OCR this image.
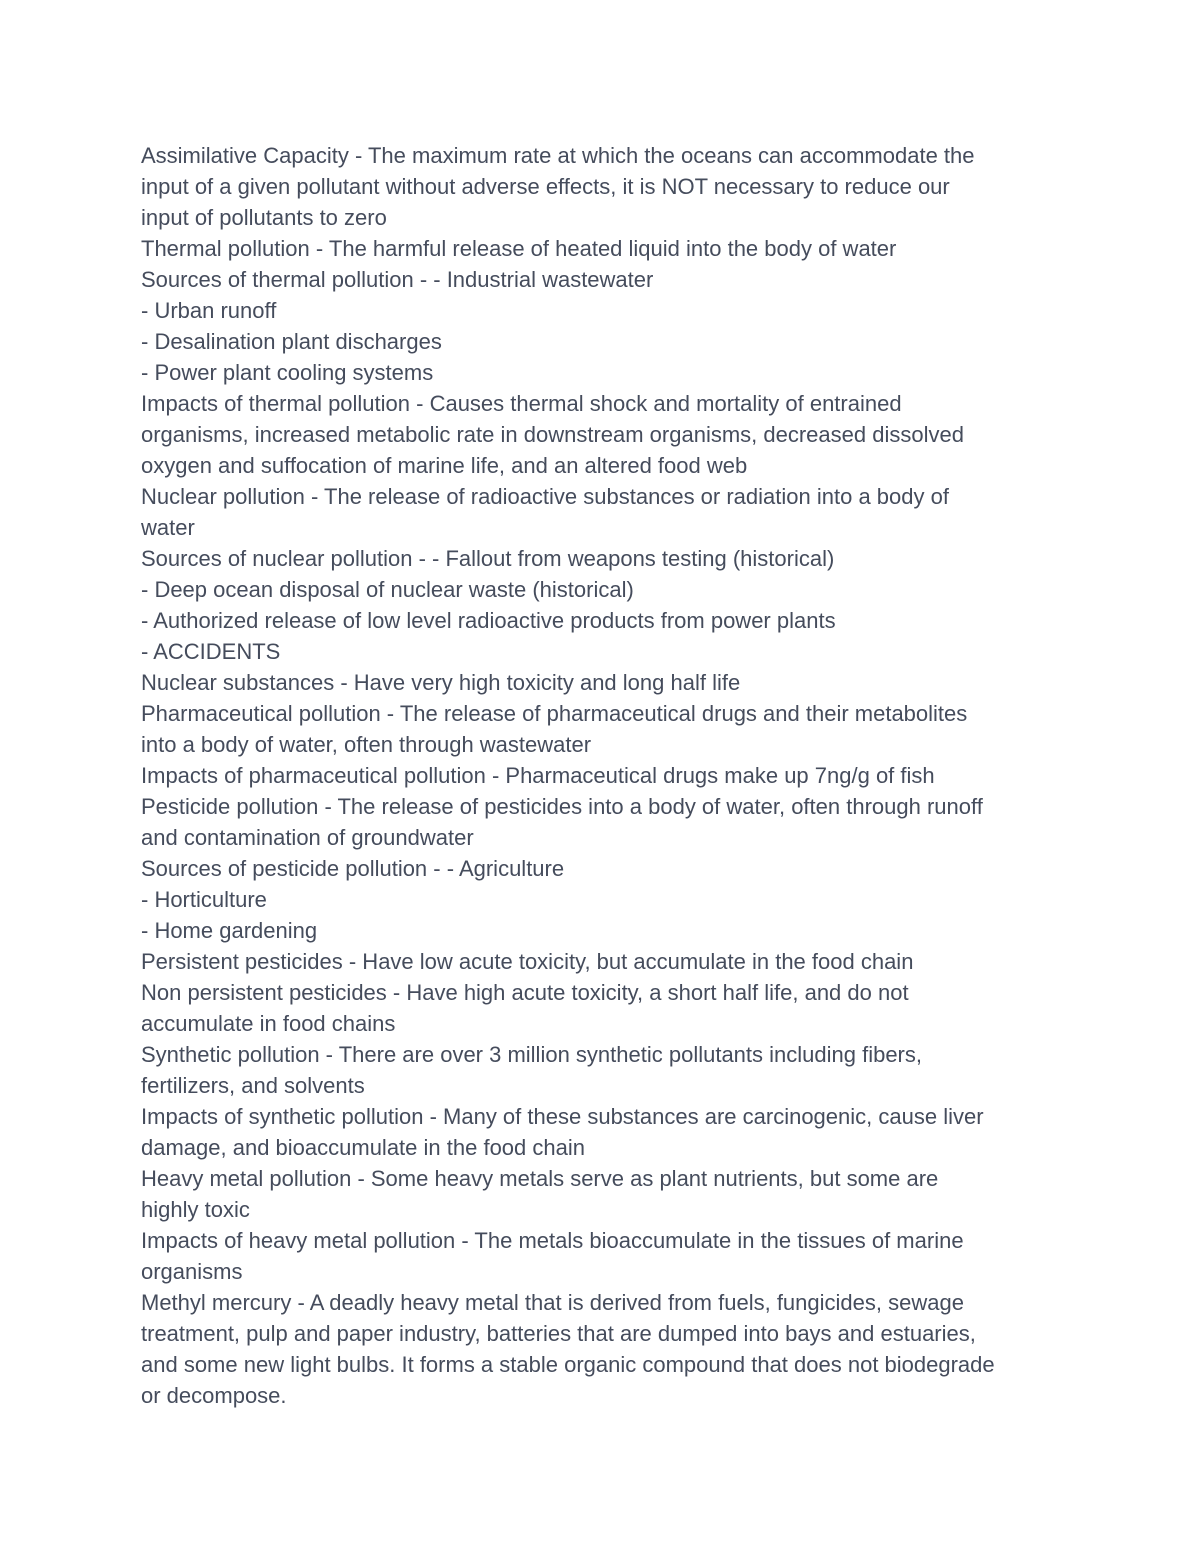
Assimilative Capacity - The maximum rate at which the oceans can accommodate the

input of a given pollutant without adverse effects, it is NOT necessary to reduce our

input of pollutants to zero

Thermal pollution - The harmful release of heated liquid into the body of water

Sources of thermal pollution - - Industrial wastewater

- Urban runoff

- Desalination plant discharges

- Power plant cooling systems

Impacts of thermal pollution - Causes thermal shock and mortality of entrained

organisms, increased metabolic rate in downstream organisms, decreased dissolved

oxygen and suffocation of marine life, and an altered food web

Nuclear pollution - The release of radioactive substances or radiation into a body of

water

Sources of nuclear pollution - - Fallout from weapons testing (historical)

- Deep ocean disposal of nuclear waste (historical)

- Authorized release of low level radioactive products from power plants

- ACCIDENTS

Nuclear substances - Have very high toxicity and long half life

Pharmaceutical pollution - The release of pharmaceutical drugs and their metabolites

into a body of water, often through wastewater

Impacts of pharmaceutical pollution - Pharmaceutical drugs make up 7ng/g of fish

Pesticide pollution - The release of pesticides into a body of water, often through runoff

and contamination of groundwater

Sources of pesticide pollution - - Agriculture

- Horticulture

- Home gardening

Persistent pesticides - Have low acute toxicity, but accumulate in the food chain

Non persistent pesticides - Have high acute toxicity, a short half life, and do not

accumulate in food chains

Synthetic pollution - There are over 3 million synthetic pollutants including fibers,

fertilizers, and solvents

Impacts of synthetic pollution - Many of these substances are carcinogenic, cause liver

damage, and bioaccumulate in the food chain

Heavy metal pollution - Some heavy metals serve as plant nutrients, but some are

highly toxic

Impacts of heavy metal pollution - The metals bioaccumulate in the tissues of marine

organisms

Methyl mercury - A deadly heavy metal that is derived from fuels, fungicides, sewage

treatment, pulp and paper industry, batteries that are dumped into bays and estuaries,

and some new light bulbs. It forms a stable organic compound that does not biodegrade

or decompose.
